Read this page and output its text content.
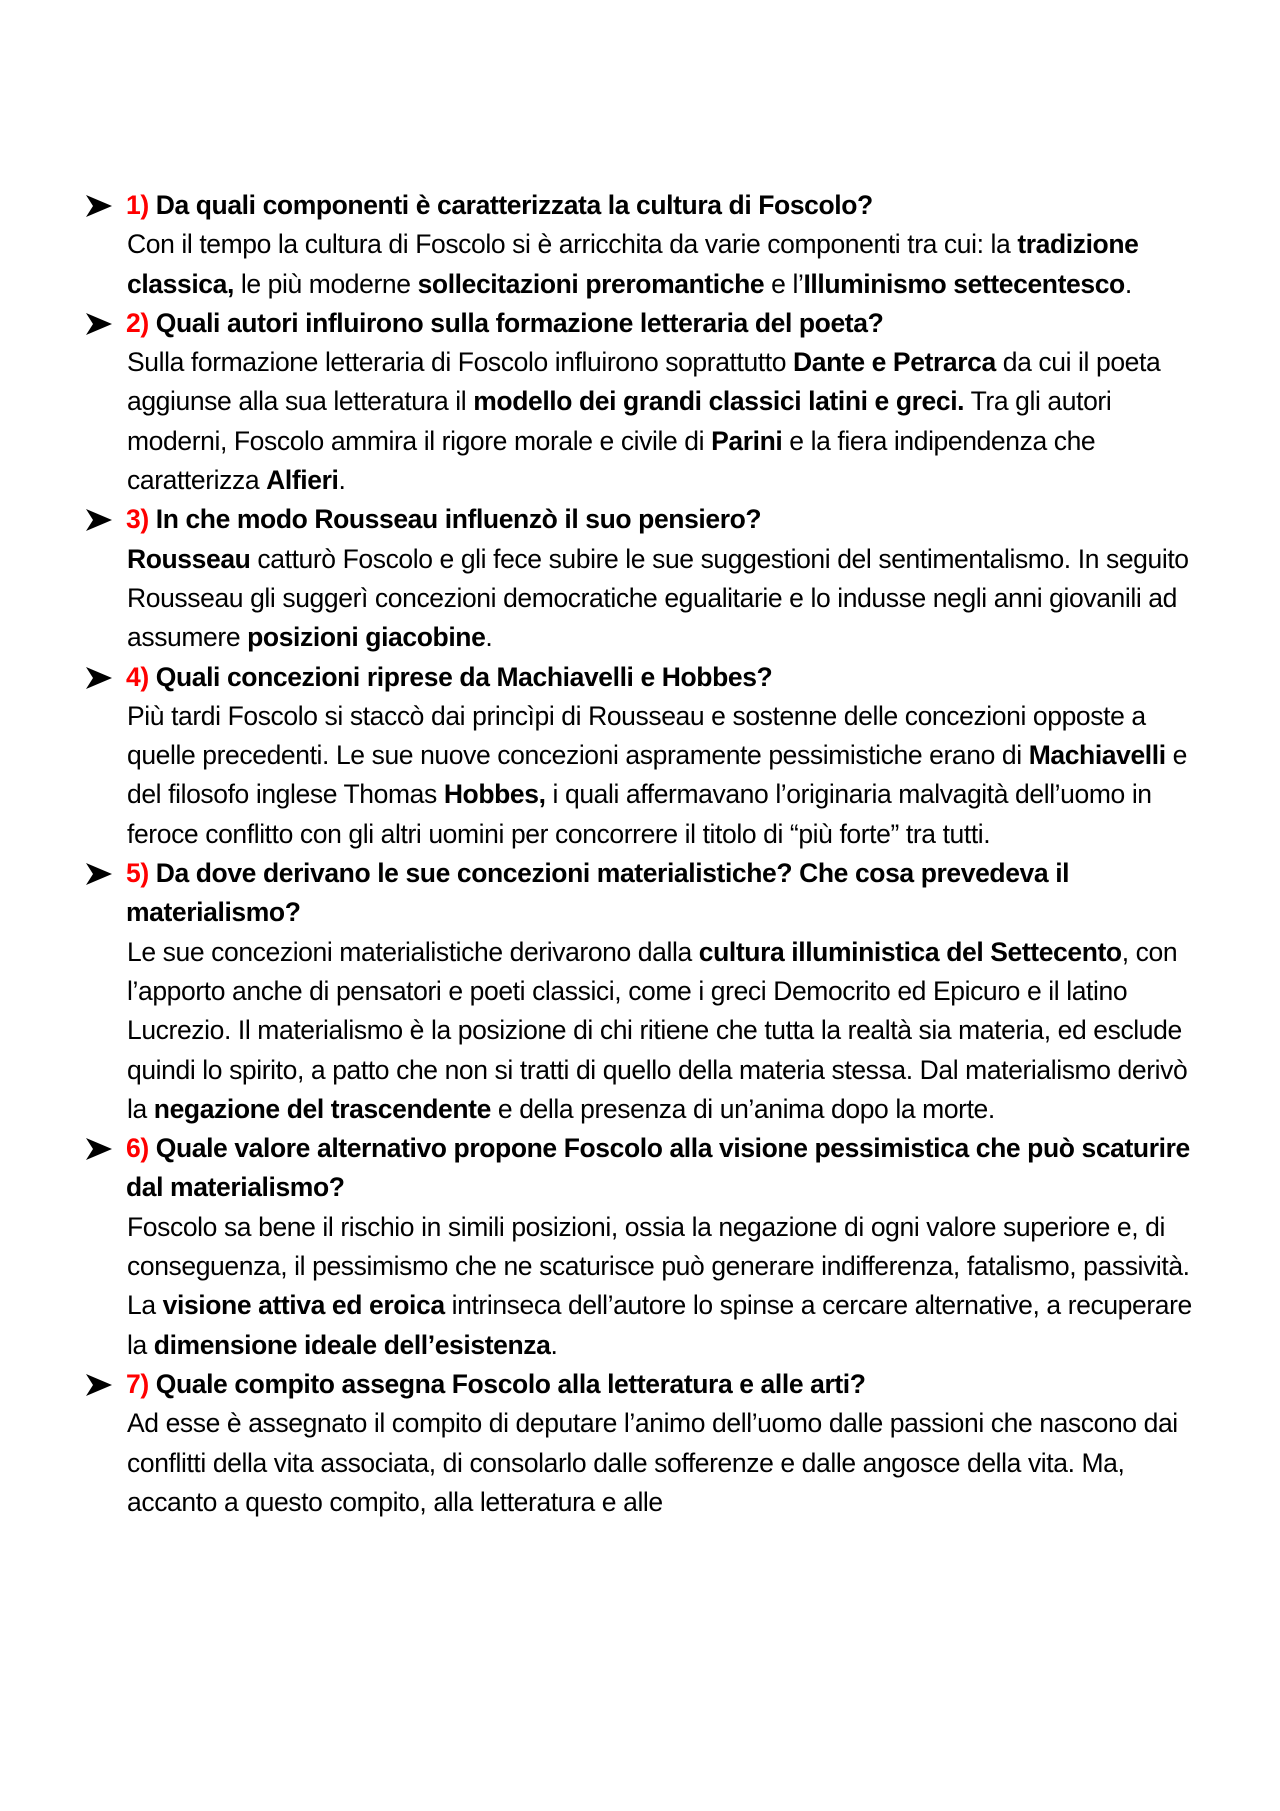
1) Da quali componenti è caratterizzata la cultura di Foscolo?
Con il tempo la cultura di Foscolo si è arricchita da varie componenti tra cui: la tradizione classica, le più moderne sollecitazioni preromantiche e l’Illuminismo settecentesco.
2) Quali autori influirono sulla formazione letteraria del poeta?
Sulla formazione letteraria di Foscolo influirono soprattutto Dante e Petrarca da cui il poeta aggiunse alla sua letteratura il modello dei grandi classici latini e greci. Tra gli autori moderni, Foscolo ammira il rigore morale e civile di Parini e la fiera indipendenza che caratterizza Alfieri.
3) In che modo Rousseau influenzò il suo pensiero?
Rousseau catturò Foscolo e gli fece subire le sue suggestioni del sentimentalismo. In seguito Rousseau gli suggerì concezioni democratiche egualitarie e lo indusse negli anni giovanili ad assumere posizioni giacobine.
4) Quali concezioni riprese da Machiavelli e Hobbes?
Più tardi Foscolo si staccò dai princìpi di Rousseau e sostenne delle concezioni opposte a quelle precedenti. Le sue nuove concezioni aspramente pessimistiche erano di Machiavelli e del filosofo inglese Thomas Hobbes, i quali affermavano l’originaria malvagità dell’uomo in feroce conflitto con gli altri uomini per concorrere il titolo di “più forte” tra tutti.
5) Da dove derivano le sue concezioni materialistiche? Che cosa prevedeva il materialismo?
Le sue concezioni materialistiche derivarono dalla cultura illuministica del Settecento, con l’apporto anche di pensatori e poeti classici, come i greci Democrito ed Epicuro e il latino Lucrezio. Il materialismo è la posizione di chi ritiene che tutta la realtà sia materia, ed esclude quindi lo spirito, a patto che non si tratti di quello della materia stessa. Dal materialismo derivò la negazione del trascendente e della presenza di un’anima dopo la morte.
6) Quale valore alternativo propone Foscolo alla visione pessimistica che può scaturire dal materialismo?
Foscolo sa bene il rischio in simili posizioni, ossia la negazione di ogni valore superiore e, di conseguenza, il pessimismo che ne scaturisce può generare indifferenza, fatalismo, passività. La visione attiva ed eroica intrinseca dell’autore lo spinse a cercare alternative, a recuperare la dimensione ideale dell’esistenza.
7) Quale compito assegna Foscolo alla letteratura e alle arti?
Ad esse è assegnato il compito di deputare l’animo dell’uomo dalle passioni che nascono dai conflitti della vita associata, di consolarlo dalle sofferenze e dalle angosce della vita. Ma, accanto a questo compito, alla letteratura e alle
